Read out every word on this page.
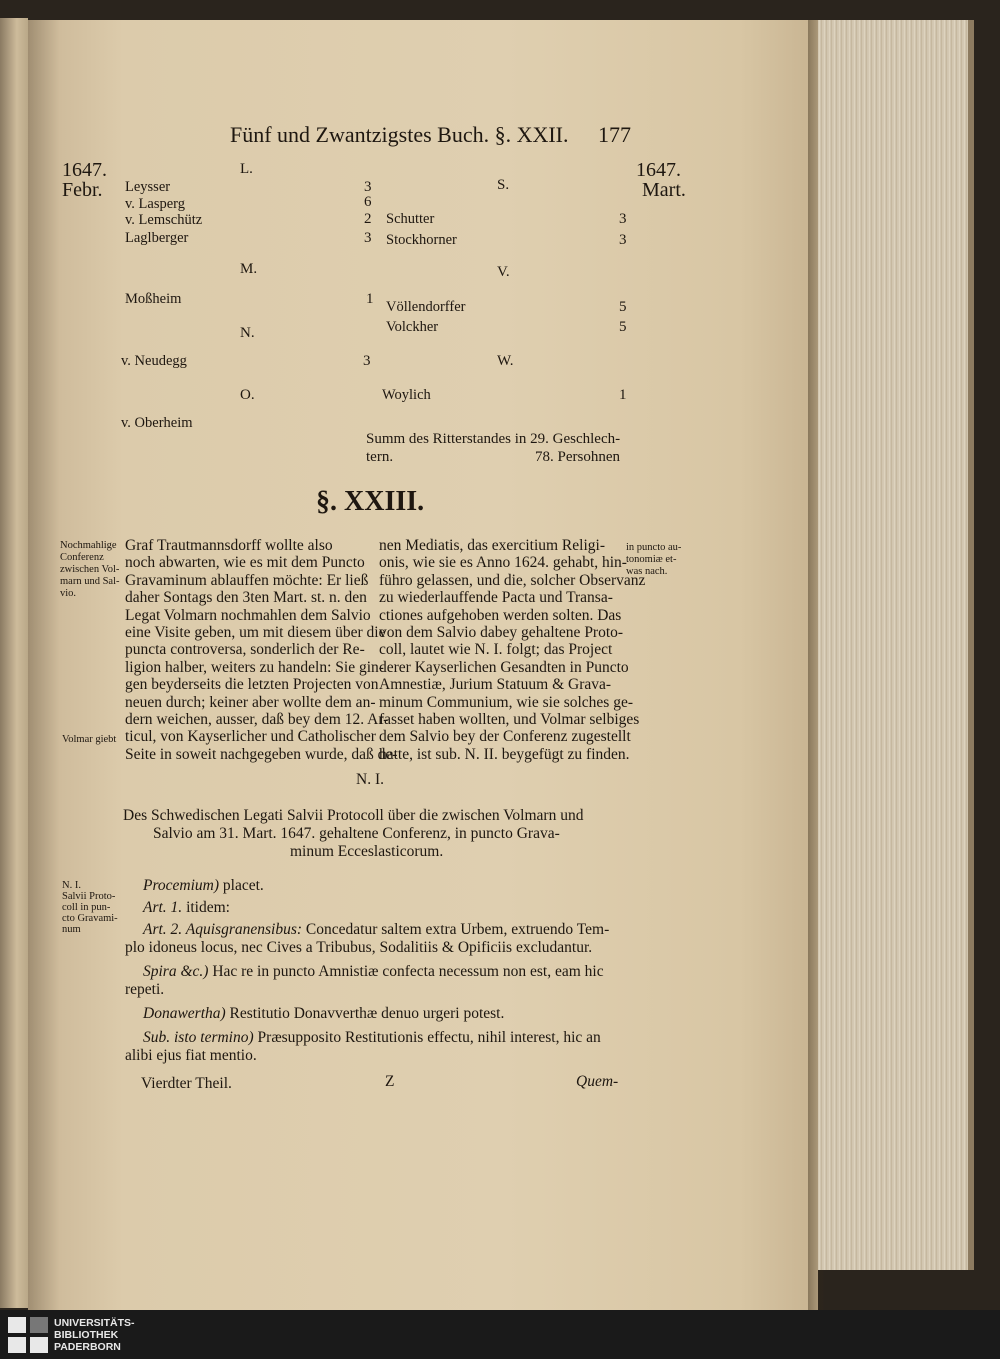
Fünf und Zwantzigstes Buch. §. XXII. 177
1647.
Febr.
1647.
Mart.
L.
S.
M.	V.
N.
W.
O.
Leysser	3
v. Lasperg	6
v. Lemschütz	2
Laglberger	3
Moßheim	1
v. Neudegg	3
v. Oberheim
Schutter	3
Stockhorner	3
Völlendorffer	5
Volckher	5
Woylich	1
Summ des Ritterstandes in 29. Geschlech-
tern.	78. Persohnen
§. XXIII.
Nochmahlige
Conferenz
zwischen Vol-
marn und Sal-
vio.
Volmar giebt
in puncto au-
tonomiæ et-
was nach.
Graf Trautmannsdorff wollte also
noch abwarten, wie es mit dem Puncto
Gravaminum ablauffen möchte: Er ließ
daher Sontags den 3ten Mart. st. n. den
Legat Volmarn nochmahlen dem Salvio
eine Visite geben, um mit diesem über die
puncta controversa, sonderlich der Re-
ligion halber, weiters zu handeln: Sie gin-
gen beyderseits die letzten Projecten von
neuen durch; keiner aber wollte dem an-
dern weichen, ausser, daß bey dem 12. Ar-
ticul, von Kayserlicher und Catholischer
Seite in soweit nachgegeben wurde, daß de-
nen Mediatis, das exercitium Religi-
onis, wie sie es Anno 1624. gehabt, hin-
führo gelassen, und die, solcher Observanz
zu wiederlauffende Pacta und Transa-
ctiones aufgehoben werden solten. Das
von dem Salvio dabey gehaltene Proto-
coll, lautet wie N. I. folgt; das Project
derer Kayserlichen Gesandten in Puncto
Amnestiæ, Jurium Statuum & Grava-
minum Communium, wie sie solches ge-
fasset haben wollten, und Volmar selbiges
dem Salvio bey der Conferenz zugestellt
hatte, ist sub. N. II. beygefügt zu finden.
N. I.
Des Schwedischen Legati Salvii Protocoll über die zwischen Volmarn und
Salvio am 31. Mart. 1647. gehaltene Conferenz, in puncto Grava-
minum Ecceslasticorum.
N. I.
Salvii Proto-
coll in pun-
cto Gravami-
num
Procemium) placet.
Art. 1. itidem:
Art. 2. Aquisgranensibus: Concedatur saltem extra Urbem, extruendo Tem-
plo idoneus locus, nec Cives a Tribubus, Sodalitiis & Opificiis excludantur.
Spira &c.) Hac re in puncto Amnistiæ confecta necessum non est, eam hic
repeti.
Donawertha) Restitutio Donavverthæ denuo urgeri potest.
Sub. isto termino) Præsupposito Restitutionis effectu, nihil interest, hic an
alibi ejus fiat mentio.
Vierdter Theil.	Z	Quem-
UNIVERSITÄTS-
BIBLIOTHEK
PADERBORN
